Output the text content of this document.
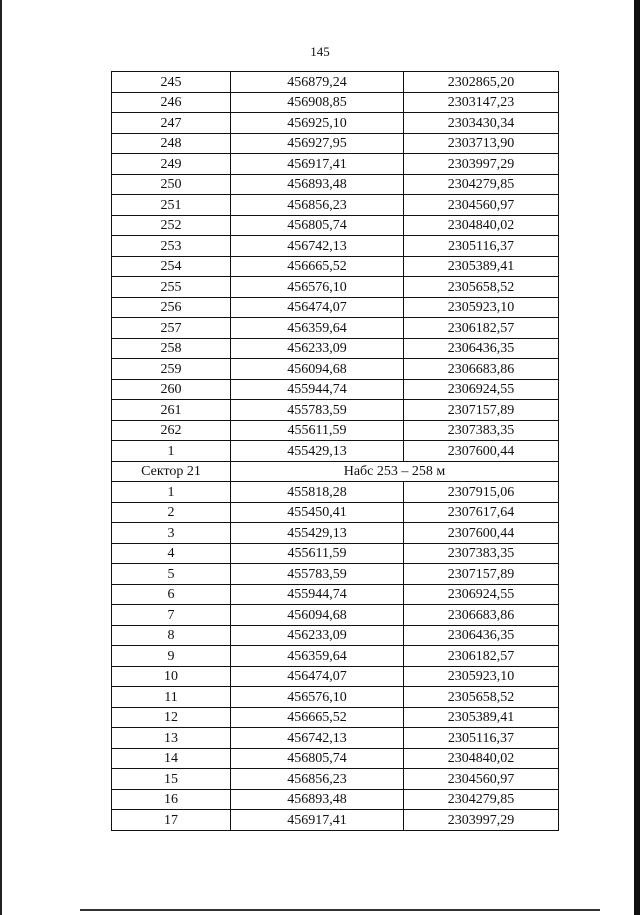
145
245	456879,24	2302865,20
246	456908,85	2303147,23
247	456925,10	2303430,34
248	456927,95	2303713,90
249	456917,41	2303997,29
250	456893,48	2304279,85
251	456856,23	2304560,97
252	456805,74	2304840,02
253	456742,13	2305116,37
254	456665,52	2305389,41
255	456576,10	2305658,52
256	456474,07	2305923,10
257	456359,64	2306182,57
258	456233,09	2306436,35
259	456094,68	2306683,86
260	455944,74	2306924,55
261	455783,59	2307157,89
262	455611,59	2307383,35
1	455429,13	2307600,44
Сектор 21	Набс 253 – 258 м	
1	455818,28	2307915,06
2	455450,41	2307617,64
3	455429,13	2307600,44
4	455611,59	2307383,35
5	455783,59	2307157,89
6	455944,74	2306924,55
7	456094,68	2306683,86
8	456233,09	2306436,35
9	456359,64	2306182,57
10	456474,07	2305923,10
11	456576,10	2305658,52
12	456665,52	2305389,41
13	456742,13	2305116,37
14	456805,74	2304840,02
15	456856,23	2304560,97
16	456893,48	2304279,85
17	456917,41	2303997,29
